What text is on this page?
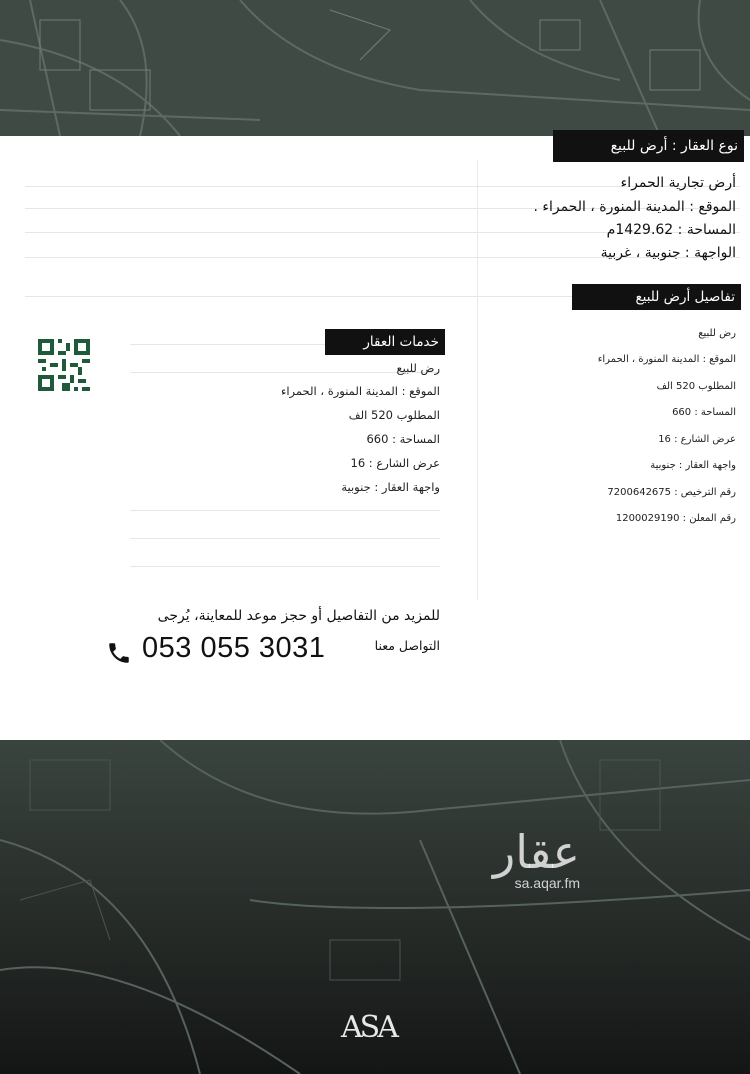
نوع العقار : أرض للبيع
أرض تجارية الحمراء
الموقع : المدينة المنورة ، الحمراء .
المساحة : 1429.62م
الواجهة : جنوبية ، غربية
تفاصيل أرض للبيع
رض للبيع
الموقع : المدينة المنورة ، الحمراء
المطلوب 520 الف
المساحة : 660
عرض الشارع : 16
واجهة العقار : جنوبية
رقم الترخيص : 7200642675
رقم المعلن : 1200029190
خدمات العقار
رض للبيع
الموقع : المدينة المنورة ، الحمراء
المطلوب 520 الف
المساحة : 660
عرض الشارع : 16
واجهة العقار : جنوبية
للمزيد من التفاصيل أو حجز موعد للمعاينة، يُرجى
التواصل معنا
053 055 3031
عقار
sa.aqar.fm
ASA
